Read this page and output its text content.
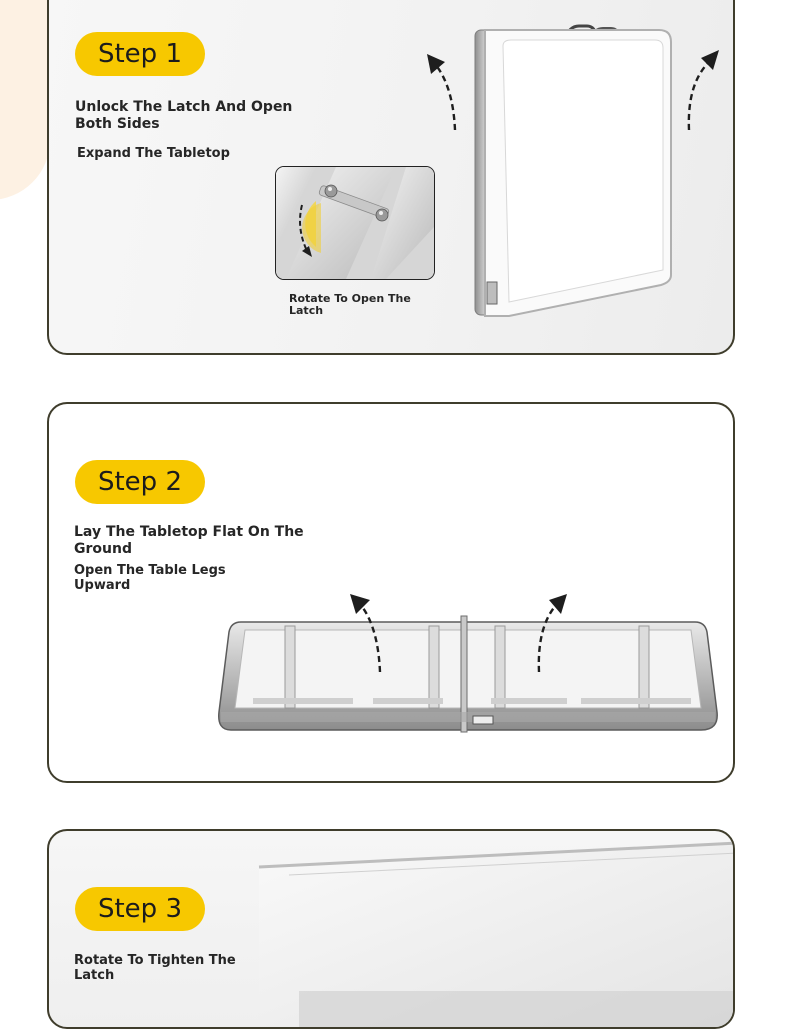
Step 1
Unlock The Latch And Open
Both Sides
Expand The Tabletop
Rotate To Open The
Latch
Step 2
Lay The Tabletop Flat On The
Ground
Open The Table Legs
Upward
Step 3
Rotate To Tighten The
Latch
